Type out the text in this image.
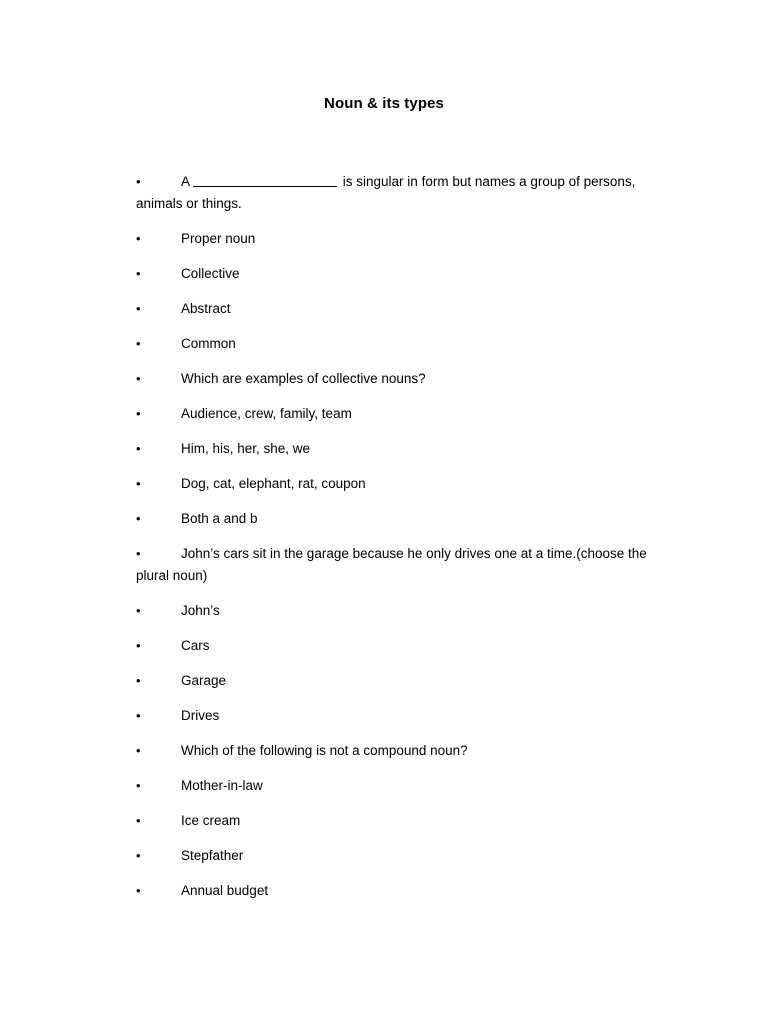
Noun & its types
•	A	is singular in form but names a group of persons, animals or things.
•	Proper noun
•	Collective
•	Abstract
•	Common
•	Which are examples of collective nouns?
•	Audience, crew, family, team
•	Him, his, her, she, we
•	Dog, cat, elephant, rat, coupon
•	Both a and b
•	John’s cars sit in the garage because he only drives one at a time.(choose the plural noun)
•	John’s
•	Cars
•	Garage
•	Drives
•	Which of the following is not a compound noun?
•	Mother-in-law
•	Ice cream
•	Stepfather
•	Annual budget
